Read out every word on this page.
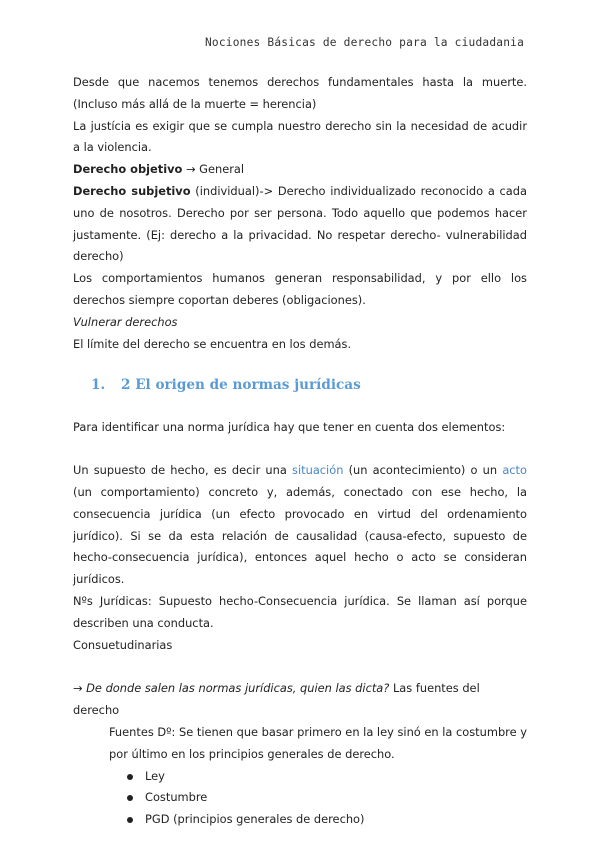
Nociones Básicas de derecho para la ciudadania

Desde que nacemos tenemos derechos fundamentales hasta la muerte. (Incluso más allá de la muerte = herencia)

La justícia es exigir que se cumpla nuestro derecho sin la necesidad de acudir a la violencia.

Derecho objetivo → General

Derecho subjetivo (individual)-> Derecho individualizado reconocido a cada uno de nosotros. Derecho por ser persona. Todo aquello que podemos hacer justamente. (Ej: derecho a la privacidad. No respetar derecho- vulnerabilidad derecho)

Los comportamientos humanos generan responsabilidad, y por ello los derechos siempre coportan deberes (obligaciones).

Vulnerar derechos

El límite del derecho se encuentra en los demás.

1. 2 El origen de normas jurídicas

Para identificar una norma jurídica hay que tener en cuenta dos elementos:

Un supuesto de hecho, es decir una situación (un acontecimiento) o un acto (un comportamiento) concreto y, además, conectado con ese hecho, la consecuencia jurídica (un efecto provocado en virtud del ordenamiento jurídico). Si se da esta relación de causalidad (causa-efecto, supuesto de hecho-consecuencia jurídica), entonces aquel hecho o acto se consideran jurídicos.

Nºs Jurídicas: Supuesto hecho-Consecuencia jurídica. Se llaman así porque describen una conducta.

Consuetudinarias

→ De donde salen las normas jurídicas, quien las dicta? Las fuentes del derecho

Fuentes Dº: Se tienen que basar primero en la ley sinó en la costumbre y por último en los principios generales de derecho.

Ley
Costumbre
PGD (principios generales de derecho)
